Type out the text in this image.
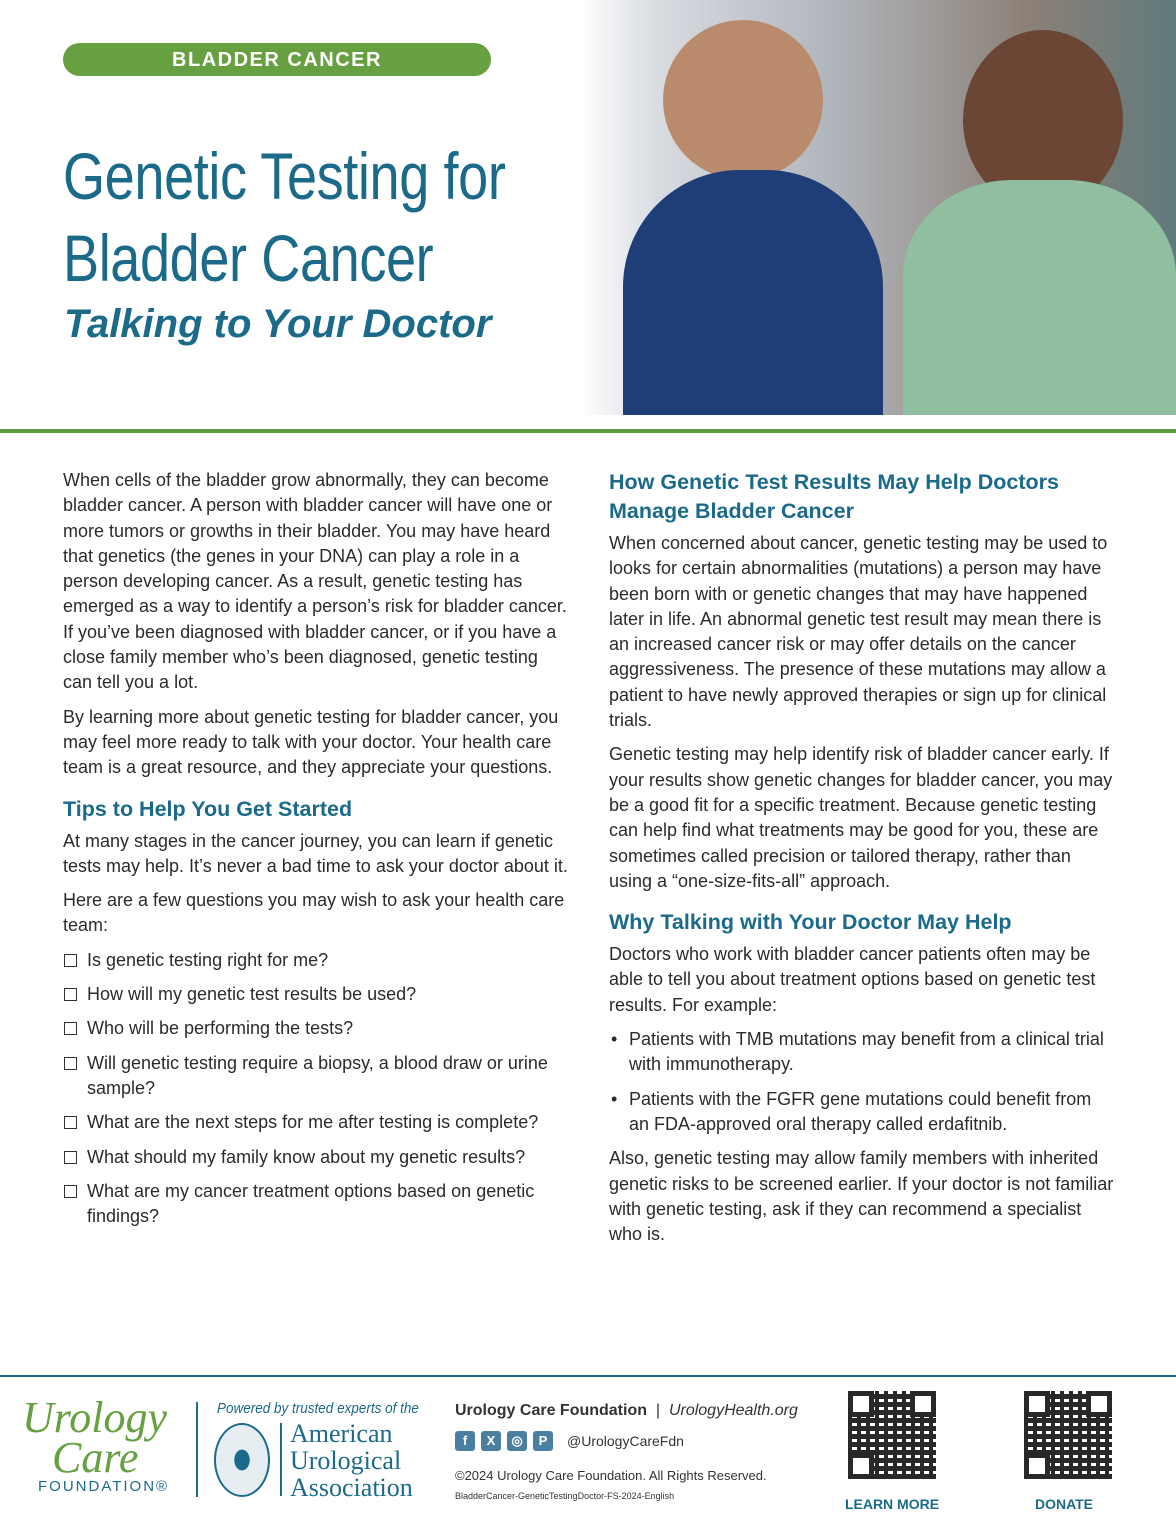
BLADDER CANCER
Genetic Testing for
Bladder Cancer
Talking to Your Doctor

When cells of the bladder grow abnormally, they can become bladder cancer. A person with bladder cancer will have one or more tumors or growths in their bladder. You may have heard that genetics (the genes in your DNA) can play a role in a person developing cancer. As a result, genetic testing has emerged as a way to identify a person’s risk for bladder cancer. If you’ve been diagnosed with bladder cancer, or if you have a close family member who’s been diagnosed, genetic testing can tell you a lot.

By learning more about genetic testing for bladder cancer, you may feel more ready to talk with your doctor. Your health care team is a great resource, and they appreciate your questions.

Tips to Help You Get Started

At many stages in the cancer journey, you can learn if genetic tests may help. It’s never a bad time to ask your doctor about it.

Here are a few questions you may wish to ask your health care team:

Is genetic testing right for me?
How will my genetic test results be used?
Who will be performing the tests?
Will genetic testing require a biopsy, a blood draw or urine sample?
What are the next steps for me after testing is complete?
What should my family know about my genetic results?
What are my cancer treatment options based on genetic findings?
How Genetic Test Results May Help Doctors Manage Bladder Cancer

When concerned about cancer, genetic testing may be used to looks for certain abnormalities (mutations) a person may have been born with or genetic changes that may have happened later in life. An abnormal genetic test result may mean there is an increased cancer risk or may offer details on the cancer aggressiveness. The presence of these mutations may allow a patient to have newly approved therapies or sign up for clinical trials.

Genetic testing may help identify risk of bladder cancer early. If your results show genetic changes for bladder cancer, you may be a good fit for a specific treatment. Because genetic testing can help find what treatments may be good for you, these are sometimes called precision or tailored therapy, rather than using a “one-size-fits-all” approach.

Why Talking with Your Doctor May Help

Doctors who work with bladder cancer patients often may be able to tell you about treatment options based on genetic test results. For example:

• Patients with TMB mutations may benefit from a clinical trial with immunotherapy.
• Patients with the FGFR gene mutations could benefit from an FDA-approved oral therapy called erdafitnib.

Also, genetic testing may allow family members with inherited genetic risks to be screened earlier. If your doctor is not familiar with genetic testing, ask if they can recommend a specialist who is.

Urology
Care
FOUNDATION®
Powered by trusted experts of the
American
Urological
Association
Urology Care Foundation  |  UrologyHealth.org
f	X	◎	P	@UrologyCareFdn
©2024 Urology Care Foundation. All Rights Reserved.
BladderCancer-GeneticTestingDoctor-FS-2024-English	LEARN MORE	DONATE
